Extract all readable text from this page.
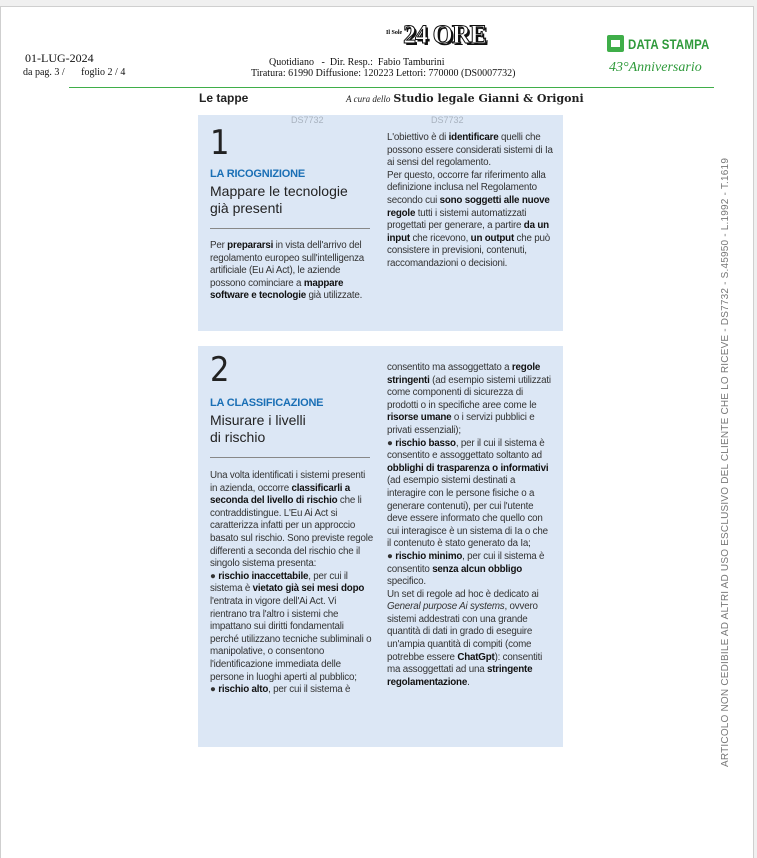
01-LUG-2024
da pag. 3 / foglio 2 / 4
Il Sole 24 ORE
Quotidiano   -  Dir. Resp.:  Fabio Tamburini
Tiratura: 61990 Diffusione: 120223 Lettori: 770000 (DS0007732)
DATA STAMPA
43°Anniversario
Le tappe	A cura dello Studio legale Gianni & Origoni
DS7732	DS7732
1
LA RICOGNIZIONE
Mappare le tecnologie
già presenti
Per prepararsi in vista dell'arrivo del regolamento europeo sull'intelligenza artificiale (Eu Ai Act), le aziende possono cominciare a mappare software e tecnologie già utilizzate.
L'obiettivo è di identificare quelli che possono essere considerati sistemi di Ia ai sensi del regolamento.
Per questo, occorre far riferimento alla definizione inclusa nel Regolamento secondo cui sono soggetti alle nuove regole tutti i sistemi automatizzati progettati per generare, a partire da un input che ricevono, un output che può consistere in previsioni, contenuti, raccomandazioni o decisioni.
2
LA CLASSIFICAZIONE
Misurare i livelli
di rischio
Una volta identificati i sistemi presenti in azienda, occorre classificarli a seconda del livello di rischio che li contraddistingue. L'Eu Ai Act si caratterizza infatti per un approccio basato sul rischio. Sono previste regole differenti a seconda del rischio che il singolo sistema presenta:
● rischio inaccettabile, per cui il sistema è vietato già sei mesi dopo l'entrata in vigore dell'Ai Act. Vi rientrano tra l'altro i sistemi che impattano sui diritti fondamentali perché utilizzano tecniche subliminali o manipolative, o consentono l'identificazione immediata delle persone in luoghi aperti al pubblico;
● rischio alto, per cui il sistema è
consentito ma assoggettato a regole stringenti (ad esempio sistemi utilizzati come componenti di sicurezza di prodotti o in specifiche aree come le risorse umane o i servizi pubblici e privati essenziali);
● rischio basso, per il cui il sistema è consentito e assoggettato soltanto ad obblighi di trasparenza o informativi (ad esempio sistemi destinati a interagire con le persone fisiche o a generare contenuti), per cui l'utente deve essere informato che quello con cui interagisce è un sistema di Ia o che il contenuto è stato generato da Ia;
● rischio minimo, per cui il sistema è consentito senza alcun obbligo specifico.
Un set di regole ad hoc è dedicato ai General purpose Ai systems, ovvero sistemi addestrati con una grande quantità di dati in grado di eseguire un'ampia quantità di compiti (come potrebbe essere ChatGpt): consentiti ma assoggettati ad una stringente regolamentazione.	ARTICOLO NON CEDIBILE AD ALTRI AD USO ESCLUSIVO DEL CLIENTE CHE LO RICEVE - DS7732 - S.45950 - L.1992 - T.1619
